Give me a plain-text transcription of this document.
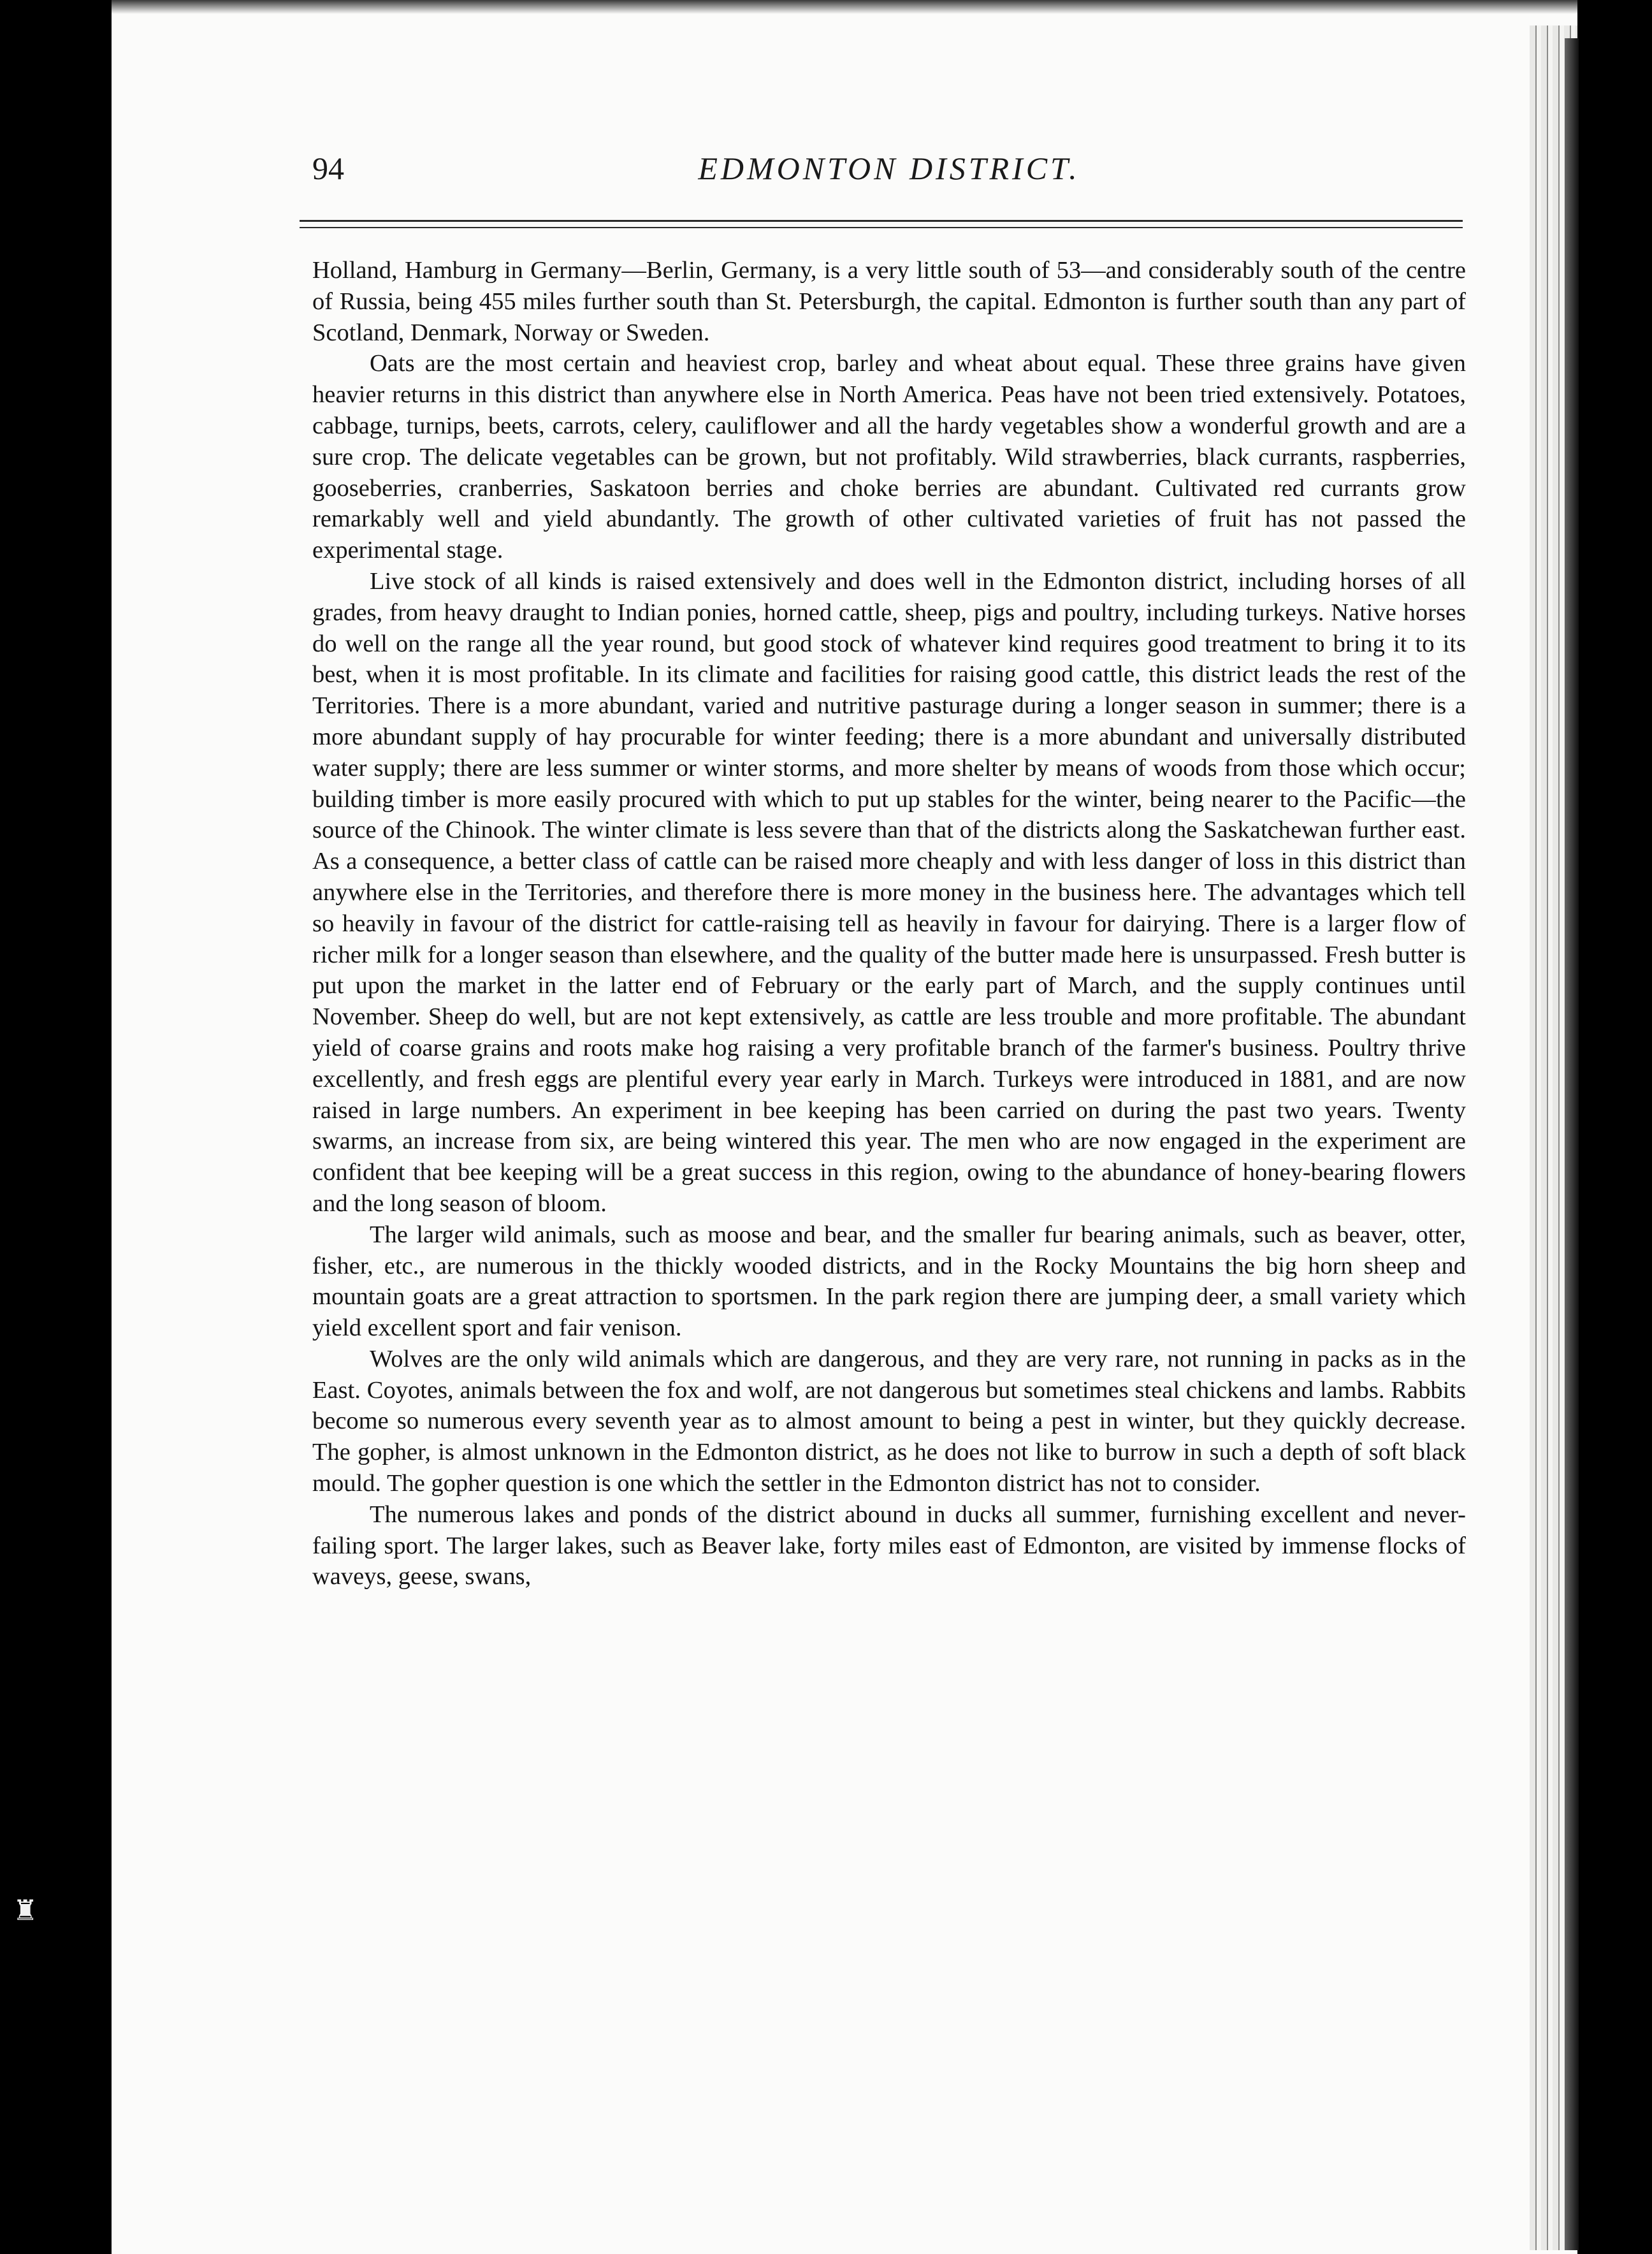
♜
94	EDMONTON DISTRICT.

Holland, Hamburg in Germany—Berlin, Germany, is a very little south of 53—and considerably south of the centre of Russia, being 455 miles further south than St. Petersburgh, the capital. Edmonton is further south than any part of Scotland, Denmark, Norway or Sweden.

Oats are the most certain and heaviest crop, barley and wheat about equal. These three grains have given heavier returns in this district than anywhere else in North America. Peas have not been tried extensively. Potatoes, cabbage, turnips, beets, carrots, celery, cauliflower and all the hardy vegetables show a wonderful growth and are a sure crop. The delicate vegetables can be grown, but not profitably. Wild strawberries, black currants, raspberries, gooseberries, cranberries, Saskatoon berries and choke berries are abundant. Cultivated red currants grow remarkably well and yield abundantly. The growth of other cultivated varieties of fruit has not passed the experimental stage.

Live stock of all kinds is raised extensively and does well in the Edmonton district, including horses of all grades, from heavy draught to Indian ponies, horned cattle, sheep, pigs and poultry, including turkeys. Native horses do well on the range all the year round, but good stock of whatever kind requires good treatment to bring it to its best, when it is most profitable. In its climate and facilities for raising good cattle, this district leads the rest of the Territories. There is a more abundant, varied and nutritive pasturage during a longer season in summer; there is a more abundant supply of hay procurable for winter feeding; there is a more abundant and universally distributed water supply; there are less summer or winter storms, and more shelter by means of woods from those which occur; building timber is more easily procured with which to put up stables for the winter, being nearer to the Pacific—the source of the Chinook. The winter climate is less severe than that of the districts along the Saskatchewan further east. As a consequence, a better class of cattle can be raised more cheaply and with less danger of loss in this district than anywhere else in the Territories, and therefore there is more money in the business here. The advantages which tell so heavily in favour of the district for cattle-raising tell as heavily in favour for dairying. There is a larger flow of richer milk for a longer season than elsewhere, and the quality of the butter made here is unsurpassed. Fresh butter is put upon the market in the latter end of February or the early part of March, and the supply continues until November. Sheep do well, but are not kept extensively, as cattle are less trouble and more profitable. The abundant yield of coarse grains and roots make hog raising a very profitable branch of the farmer's business. Poultry thrive excellently, and fresh eggs are plentiful every year early in March. Turkeys were introduced in 1881, and are now raised in large numbers. An experiment in bee keeping has been carried on during the past two years. Twenty swarms, an increase from six, are being wintered this year. The men who are now engaged in the experiment are confident that bee keeping will be a great success in this region, owing to the abundance of honey-bearing flowers and the long season of bloom.

The larger wild animals, such as moose and bear, and the smaller fur bearing animals, such as beaver, otter, fisher, etc., are numerous in the thickly wooded districts, and in the Rocky Mountains the big horn sheep and mountain goats are a great attraction to sportsmen. In the park region there are jumping deer, a small variety which yield excellent sport and fair venison.

Wolves are the only wild animals which are dangerous, and they are very rare, not running in packs as in the East. Coyotes, animals between the fox and wolf, are not dangerous but sometimes steal chickens and lambs. Rabbits become so numerous every seventh year as to almost amount to being a pest in winter, but they quickly decrease. The gopher, is almost unknown in the Edmonton district, as he does not like to burrow in such a depth of soft black mould. The gopher question is one which the settler in the Edmonton district has not to consider.

The numerous lakes and ponds of the district abound in ducks all summer, furnishing excellent and never-failing sport. The larger lakes, such as Beaver lake, forty miles east of Edmonton, are visited by immense flocks of waveys, geese, swans,
